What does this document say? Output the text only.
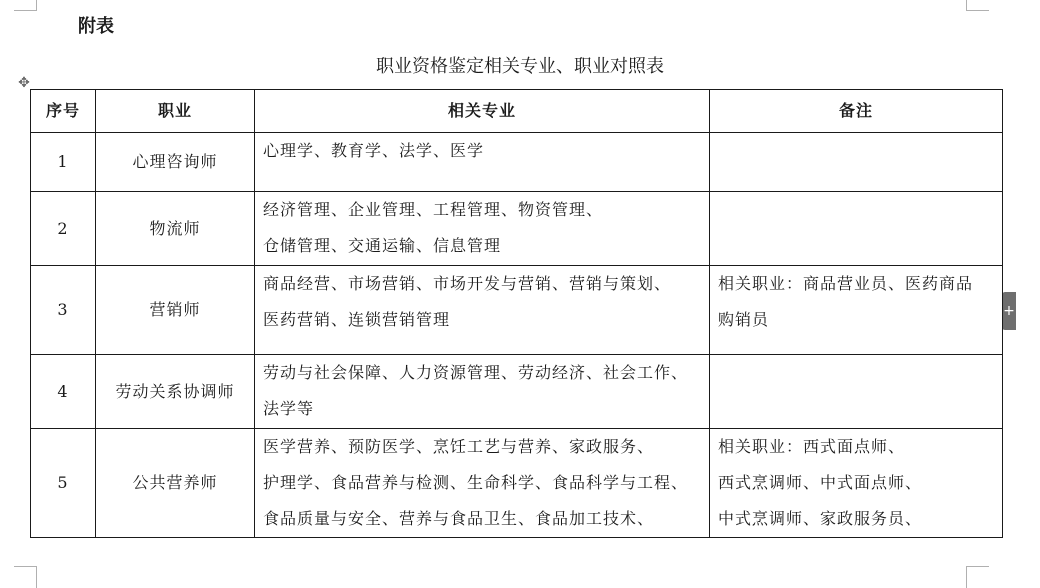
附表
职业资格鉴定相关专业、职业对照表
✥
+
序号	职业	相关专业	备注
1	心理咨询师	心理学、教育学、法学、医学	

2	物流师	经济管理、企业管理、工程管理、物资管理、
仓储管理、交通运输、信息管理	

3	营销师	商品经营、市场营销、市场开发与营销、营销与策划、
医药营销、连锁营销管理	相关职业：商品营业员、医药商品
购销员

4	劳动关系协调师	劳动与社会保障、人力资源管理、劳动经济、社会工作、
法学等	

5	公共营养师	医学营养、预防医学、烹饪工艺与营养、家政服务、
护理学、食品营养与检测、生命科学、食品科学与工程、
食品质量与安全、营养与食品卫生、食品加工技术、	相关职业：西式面点师、
西式烹调师、中式面点师、
中式烹调师、家政服务员、
